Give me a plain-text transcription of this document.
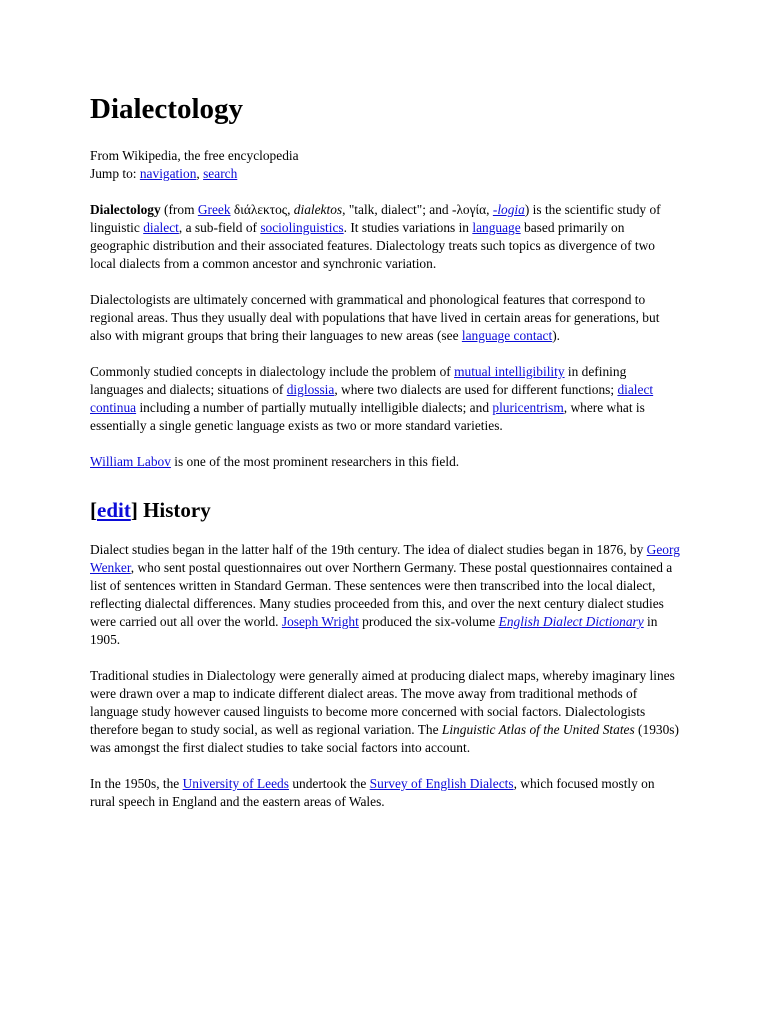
Dialectology
From Wikipedia, the free encyclopedia
Jump to: navigation, search

Dialectology (from Greek διάλεκτος, dialektos, "talk, dialect"; and -λογία, -logia) is the scientific study of linguistic dialect, a sub-field of sociolinguistics. It studies variations in language based primarily on geographic distribution and their associated features. Dialectology treats such topics as divergence of two local dialects from a common ancestor and synchronic variation.

Dialectologists are ultimately concerned with grammatical and phonological features that correspond to regional areas. Thus they usually deal with populations that have lived in certain areas for generations, but also with migrant groups that bring their languages to new areas (see language contact).

Commonly studied concepts in dialectology include the problem of mutual intelligibility in defining languages and dialects; situations of diglossia, where two dialects are used for different functions; dialect continua including a number of partially mutually intelligible dialects; and pluricentrism, where what is essentially a single genetic language exists as two or more standard varieties.

William Labov is one of the most prominent researchers in this field.

[edit] History

Dialect studies began in the latter half of the 19th century. The idea of dialect studies began in 1876, by Georg Wenker, who sent postal questionnaires out over Northern Germany. These postal questionnaires contained a list of sentences written in Standard German. These sentences were then transcribed into the local dialect, reflecting dialectal differences. Many studies proceeded from this, and over the next century dialect studies were carried out all over the world. Joseph Wright produced the six-volume English Dialect Dictionary in 1905.

Traditional studies in Dialectology were generally aimed at producing dialect maps, whereby imaginary lines were drawn over a map to indicate different dialect areas. The move away from traditional methods of language study however caused linguists to become more concerned with social factors. Dialectologists therefore began to study social, as well as regional variation. The Linguistic Atlas of the United States (1930s) was amongst the first dialect studies to take social factors into account.

In the 1950s, the University of Leeds undertook the Survey of English Dialects, which focused mostly on rural speech in England and the eastern areas of Wales.
